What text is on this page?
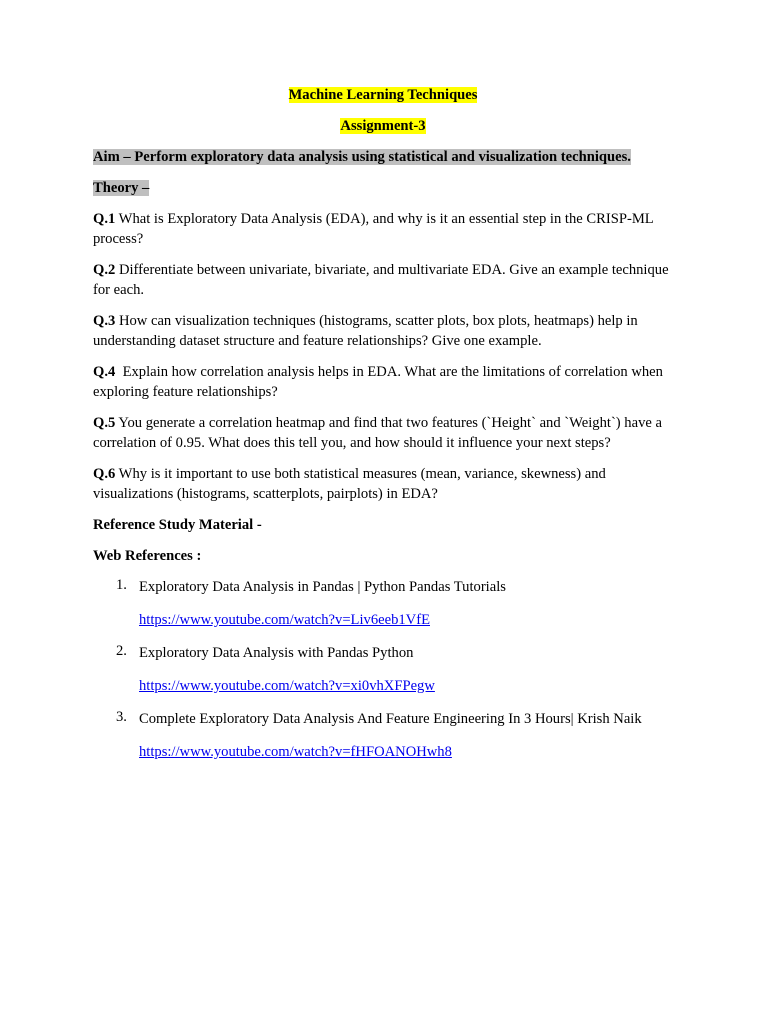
Machine Learning Techniques

Assignment-3

Aim – Perform exploratory data analysis using statistical and visualization techniques.

Theory –

Q.1 What is Exploratory Data Analysis (EDA), and why is it an essential step in the CRISP-ML process?

Q.2 Differentiate between univariate, bivariate, and multivariate EDA. Give an example technique for each.

Q.3 How can visualization techniques (histograms, scatter plots, box plots, heatmaps) help in understanding dataset structure and feature relationships? Give one example.

Q.4  Explain how correlation analysis helps in EDA. What are the limitations of correlation when exploring feature relationships?

Q.5 You generate a correlation heatmap and find that two features (`Height` and `Weight`) have a correlation of 0.95. What does this tell you, and how should it influence your next steps?

Q.6 Why is it important to use both statistical measures (mean, variance, skewness) and visualizations (histograms, scatterplots, pairplots) in EDA?

Reference Study Material -

Web References :

1. Exploratory Data Analysis in Pandas | Python Pandas Tutorials

https://www.youtube.com/watch?v=Liv6eeb1VfE

2. Exploratory Data Analysis with Pandas Python

https://www.youtube.com/watch?v=xi0vhXFPegw

3. Complete Exploratory Data Analysis And Feature Engineering In 3 Hours| Krish Naik

https://www.youtube.com/watch?v=fHFOANOHwh8
